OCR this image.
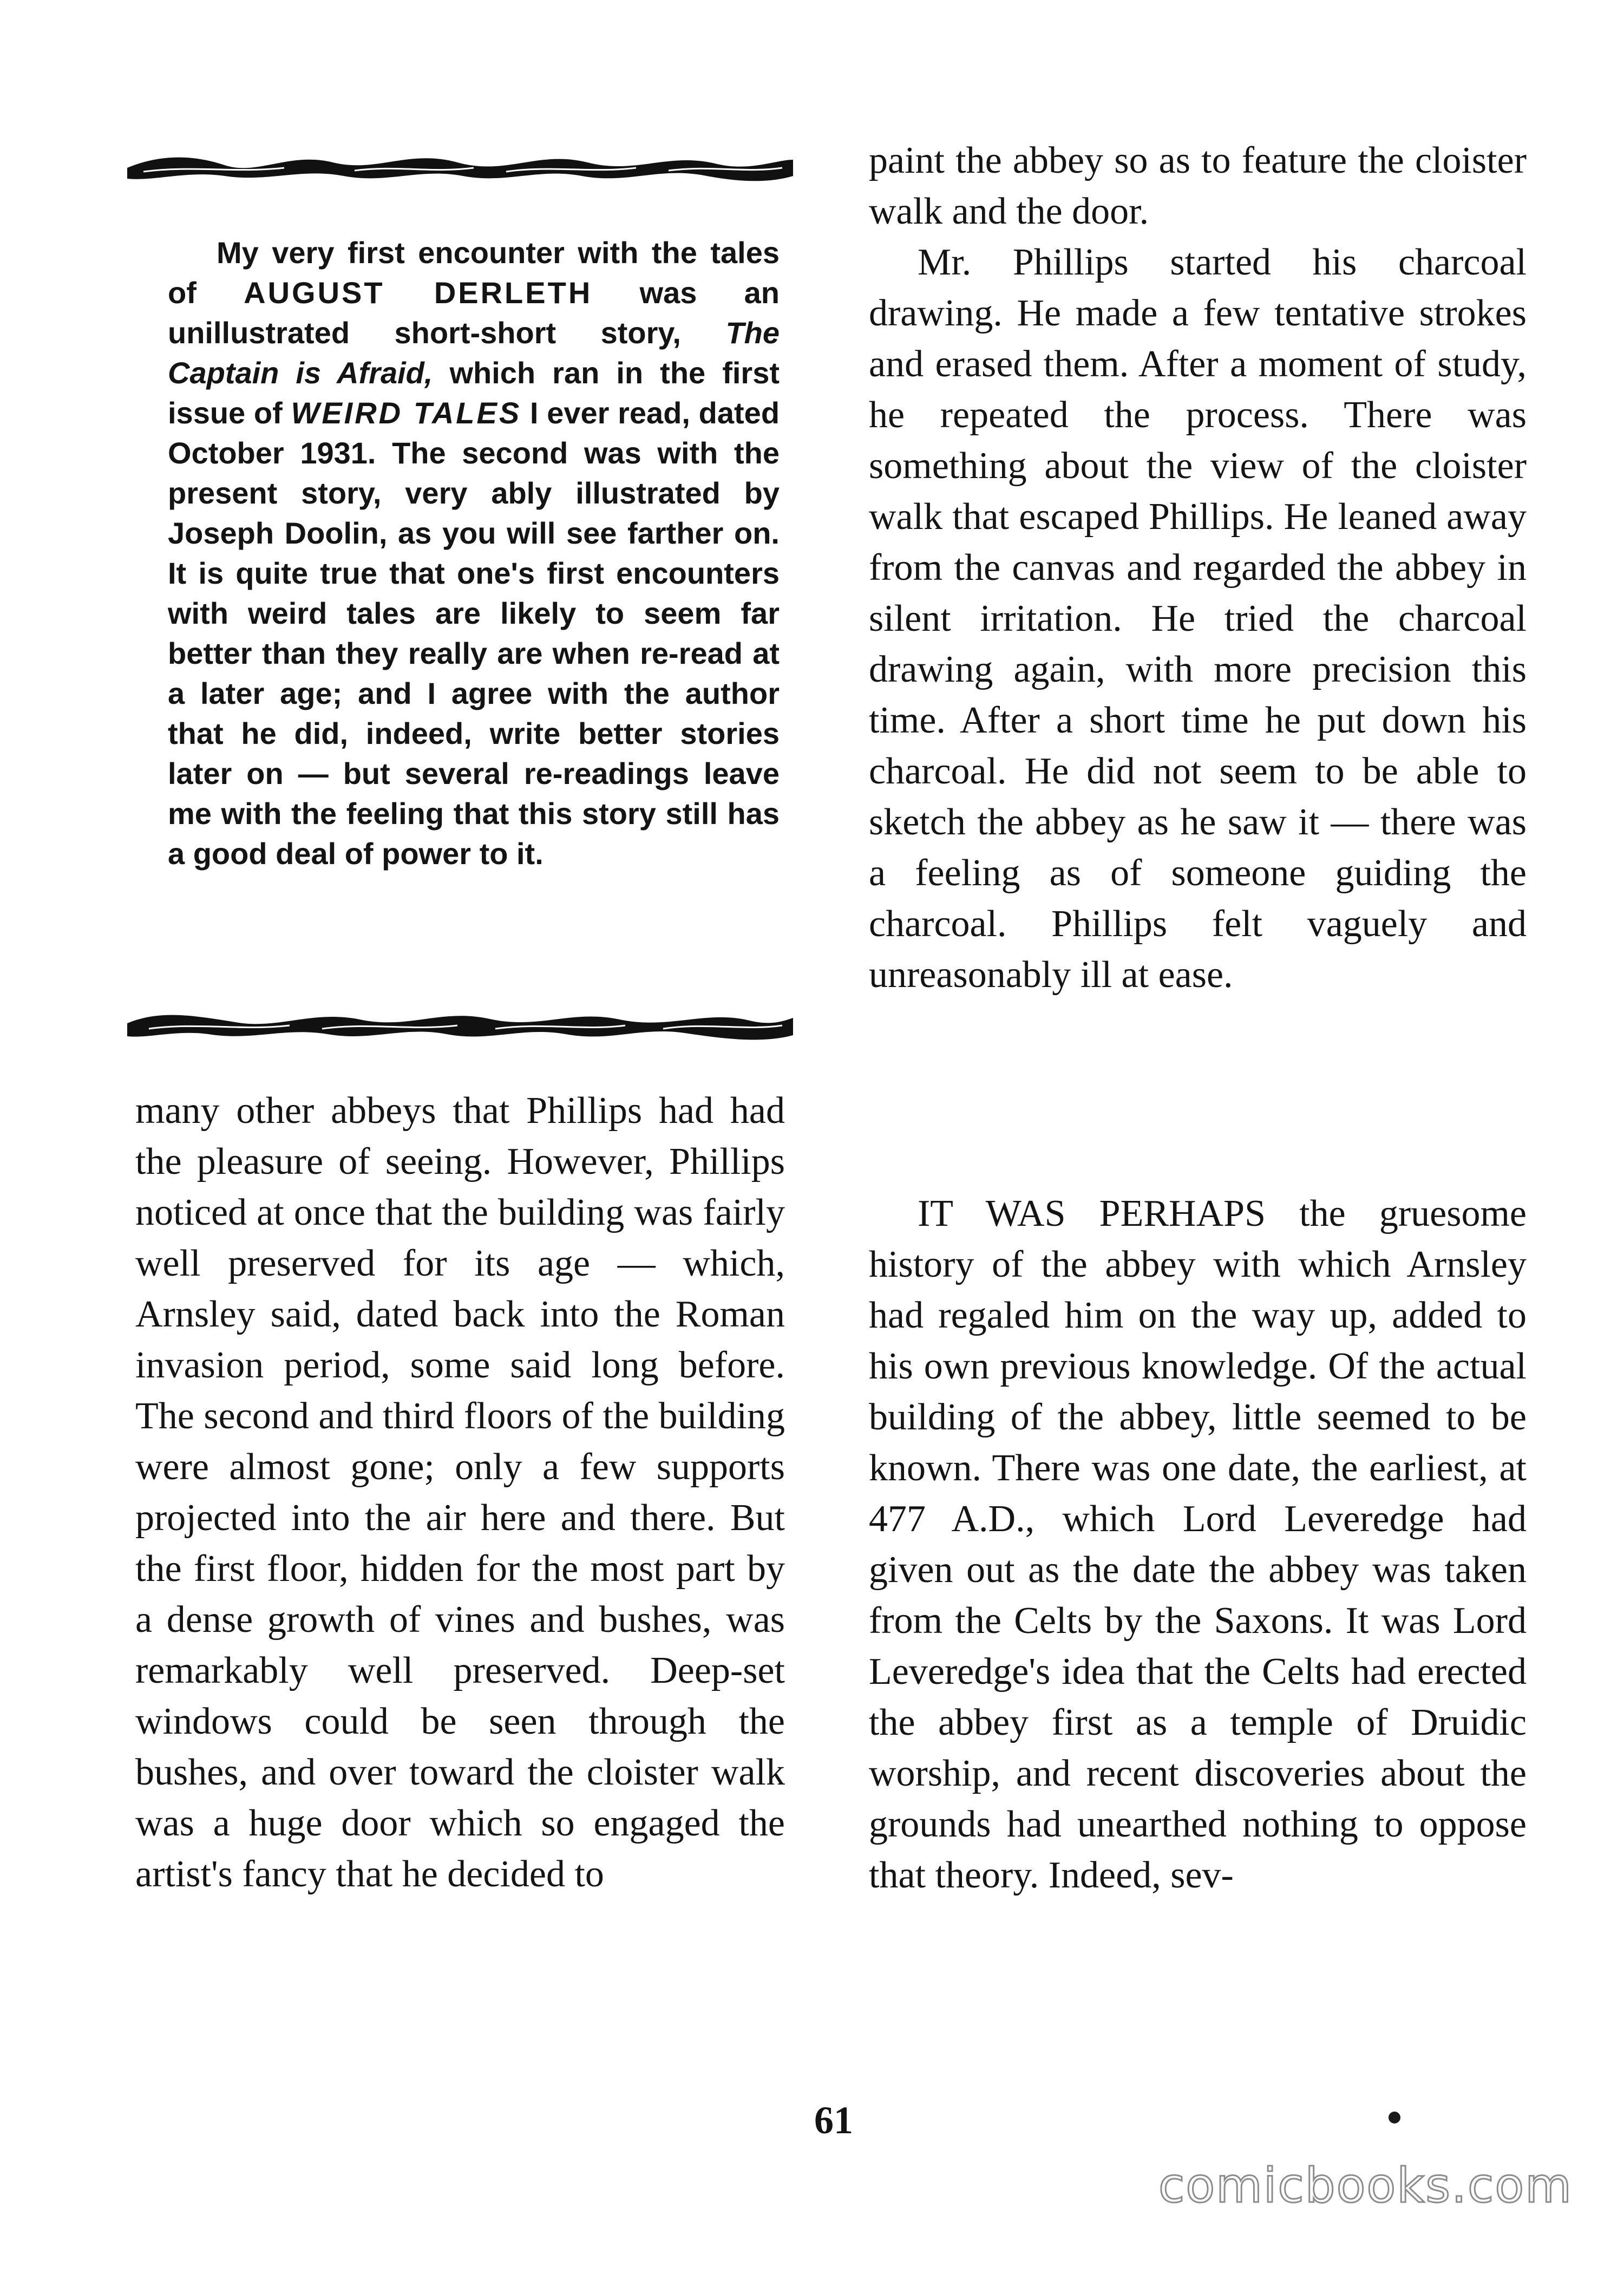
My very first encounter with the tales of AUGUST DERLETH was an unillustrated short-short story, The Captain is Afraid, which ran in the first issue of WEIRD TALES I ever read, dated October 1931. The second was with the present story, very ably illustrated by Joseph Doolin, as you will see farther on. It is quite true that one's first encounters with weird tales are likely to seem far better than they really are when re-read at a later age; and I agree with the author that he did, indeed, write better stories later on — but several re-readings leave me with the feeling that this story still has a good deal of power to it.

many other abbeys that Phillips had had the pleasure of seeing. However, Phillips noticed at once that the building was fairly well preserved for its age — which, Arnsley said, dated back into the Roman invasion period, some said long before. The second and third floors of the building were almost gone; only a few supports projected into the air here and there. But the first floor, hidden for the most part by a dense growth of vines and bushes, was remarkably well preserved. Deep-set windows could be seen through the bushes, and over toward the cloister walk was a huge door which so engaged the artist's fancy that he decided to

paint the abbey so as to feature the cloister walk and the door.

Mr. Phillips started his charcoal drawing. He made a few tentative strokes and erased them. After a moment of study, he repeated the process. There was something about the view of the cloister walk that escaped Phillips. He leaned away from the canvas and regarded the abbey in silent irritation. He tried the charcoal drawing again, with more precision this time. After a short time he put down his charcoal. He did not seem to be able to sketch the abbey as he saw it — there was a feeling as of someone guiding the charcoal. Phillips felt vaguely and unreasonably ill at ease.

IT WAS PERHAPS the gruesome history of the abbey with which Arnsley had regaled him on the way up, added to his own previous knowledge. Of the actual building of the abbey, little seemed to be known. There was one date, the earliest, at 477 A.D., which Lord Leveredge had given out as the date the abbey was taken from the Celts by the Saxons. It was Lord Leveredge's idea that the Celts had erected the abbey first as a temple of Druidic worship, and recent discoveries about the grounds had unearthed nothing to oppose that theory. Indeed, sev-

61
comicbooks.com
